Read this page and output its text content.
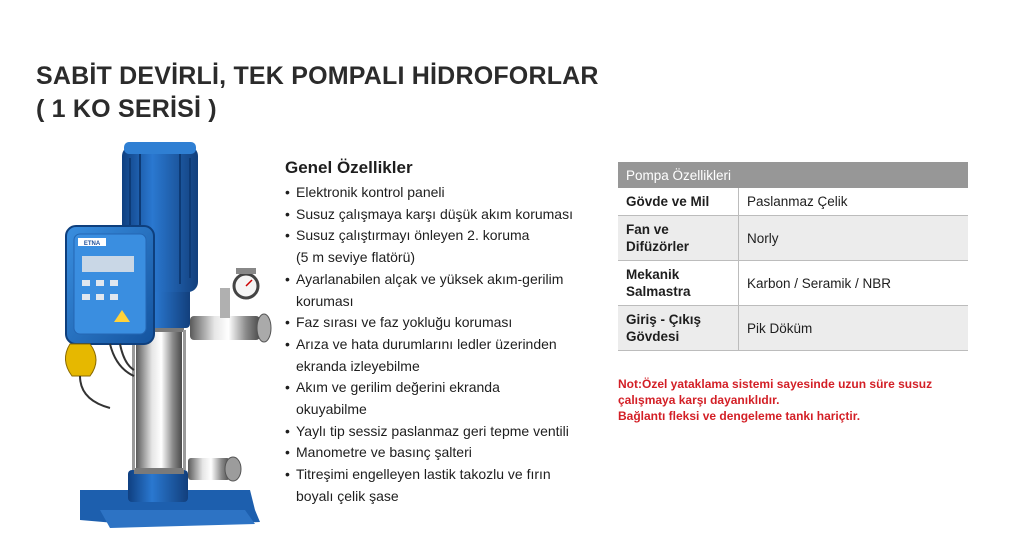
SABİT DEVİRLİ, TEK POMPALI HİDROFORLAR
( 1 KO SERİSİ )
ETNA
Genel Özellikler
• Elektronik kontrol paneli
• Susuz çalışmaya karşı düşük akım koruması
• Susuz çalıştırmayı önleyen 2. koruma
(5 m seviye flatörü)
• Ayarlanabilen alçak ve yüksek akım-gerilim
koruması
• Faz sırası ve faz yokluğu koruması
• Arıza ve hata durumlarını ledler üzerinden
ekranda izleyebilme
• Akım ve gerilim değerini ekranda
okuyabilme
• Yaylı tip sessiz paslanmaz geri tepme ventili
• Manometre ve basınç şalteri
• Titreşimi engelleyen lastik takozlu ve fırın
boyalı çelik şase
Pompa Özellikleri	
Gövde ve Mil	Paslanmaz Çelik
Fan ve
Difüzörler	Norly
Mekanik
Salmastra	Karbon / Seramik / NBR
Giriş - Çıkış
Gövdesi	Pik Döküm
Not:Özel yataklama sistemi sayesinde uzun süre susuz
çalışmaya karşı dayanıklıdır.
Bağlantı fleksi ve dengeleme tankı hariçtir.
